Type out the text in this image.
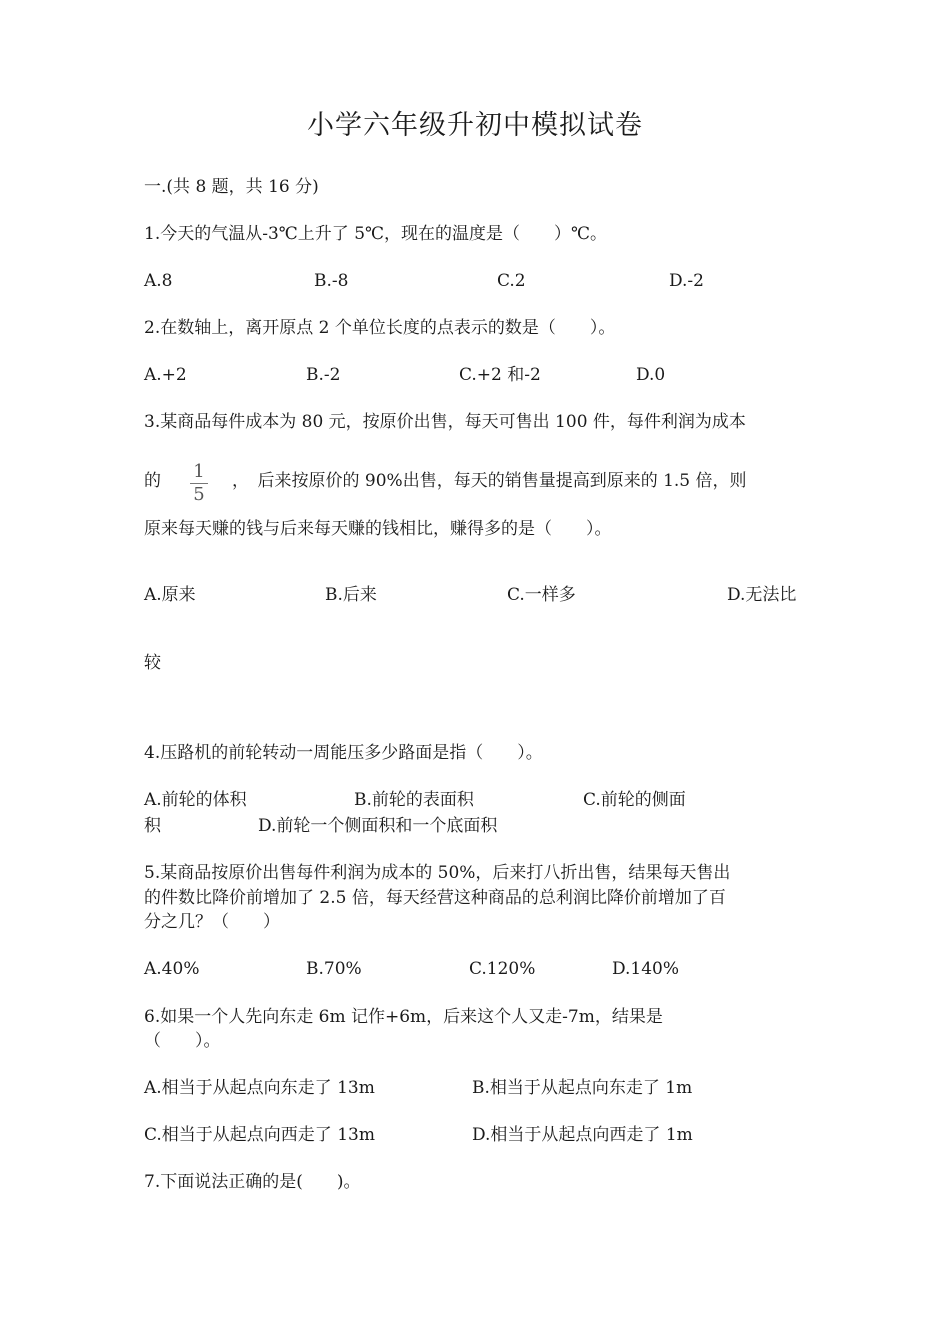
小学六年级升初中模拟试卷
一.(共 8 题，共 16 分)
1.今天的气温从-3℃上升了 5℃，现在的温度是（　　）℃。
A.8	B.-8	C.2	D.-2
2.在数轴上，离开原点 2 个单位长度的点表示的数是（　　）。
A.+2	B.-2	C.+2 和-2	D.0
3.某商品每件成本为 80 元，按原价出售，每天可售出 100 件，每件利润为成本
的	1
5
，　后来按原价的 90%出售，每天的销售量提高到原来的 1.5 倍，则
原来每天赚的钱与后来每天赚的钱相比，赚得多的是（　　）。
A.原来	B.后来	C.一样多	D.无法比
较
4.压路机的前轮转动一周能压多少路面是指（　　）。
A.前轮的体积	B.前轮的表面积	C.前轮的侧面
积	D.前轮一个侧面积和一个底面积
5.某商品按原价出售每件利润为成本的 50%，后来打八折出售，结果每天售出
的件数比降价前增加了 2.5 倍，每天经营这种商品的总利润比降价前增加了百
分之几？（　　）
A.40%	B.70%	C.120%	D.140%
6.如果一个人先向东走 6m 记作+6m，后来这个人又走-7m，结果是
（　　）。
A.相当于从起点向东走了 13m	B.相当于从起点向东走了 1m
C.相当于从起点向西走了 13m	D.相当于从起点向西走了 1m
7.下面说法正确的是(　　)。
